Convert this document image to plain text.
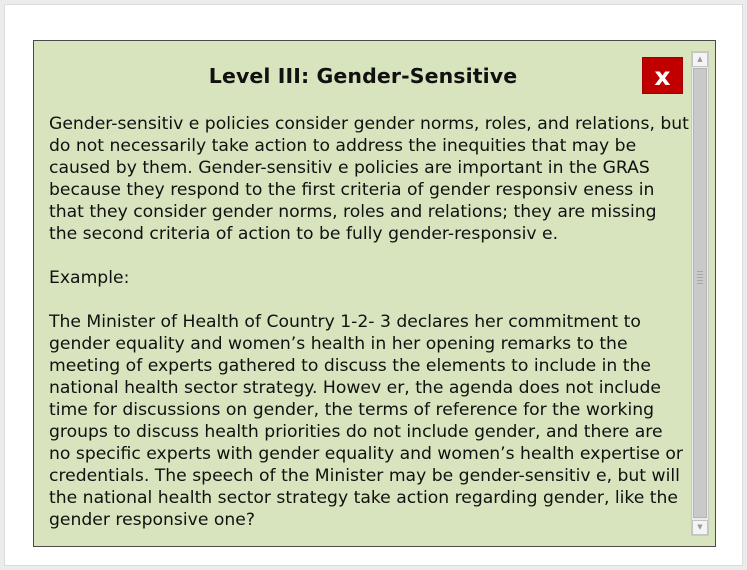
Level III: Gender-Sensitive	x

Gender-sensitiv e policies consider gender norms, roles, and relations, but do not necessarily take action to address the inequities that may be caused by them. Gender-sensitiv e policies are important in the GRAS because they respond to the first criteria of gender responsiv eness in that they consider gender norms, roles and relations; they are missing the second criteria of action to be fully gender-responsiv e.

Example:

The Minister of Health of Country 1-2- 3 declares her commitment to gender equality and women’s health in her opening remarks to the meeting of experts gathered to discuss the elements to include in the national health sector strategy. Howev er, the agenda does not include time for discussions on gender, the terms of reference for the working groups to discuss health priorities do not include gender, and there are no specific experts with gender equality and women’s health expertise or credentials. The speech of the Minister may be gender-sensitiv e, but will the national health sector strategy take action regarding gender, like the gender responsive one?

▲
▼
